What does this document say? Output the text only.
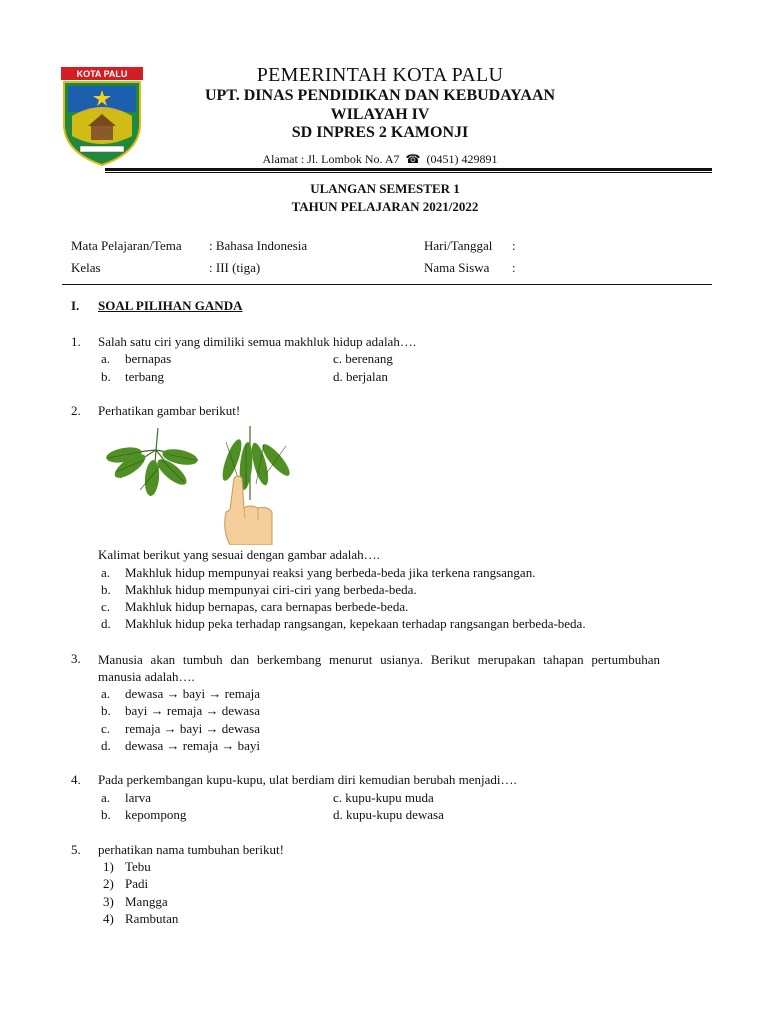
KOTA PALU	PEMERINTAH KOTA PALU
UPT. DINAS PENDIDIKAN DAN KEBUDAYAAN
WILAYAH IV
SD INPRES 2 KAMONJI
Alamat : Jl. Lombok No. A7  ☎  (0451) 429891
ULANGAN SEMESTER 1
TAHUN PELAJARAN 2021/2022
Mata Pelajaran/Tema : Bahasa Indonesia	Hari/Tanggal :
Kelas	: III (tiga)	Nama Siswa :
I. SOAL PILIHAN GANDA
1. Salah satu ciri yang dimiliki semua makhluk hidup adalah….
a. bernapas
b. terbang
c. berenang
d. berjalan
2. Perhatikan gambar berikut!
Kalimat berikut yang sesuai dengan gambar adalah….
a. Makhluk hidup mempunyai reaksi yang berbeda-beda jika terkena rangsangan.
b. Makhluk hidup mempunyai ciri-ciri yang berbeda-beda.
c. Makhluk hidup bernapas, cara bernapas berbede-beda.
d. Makhluk hidup peka terhadap rangsangan, kepekaan terhadap rangsangan berbeda-beda.
3. Manusia akan tumbuh dan berkembang menurut usianya. Berikut merupakan tahapan pertumbuhan manusia adalah….
a. dewasa → bayi → remaja
b. bayi → remaja → dewasa
c. remaja → bayi → dewasa
d. dewasa → remaja → bayi
4. Pada perkembangan kupu-kupu, ulat berdiam diri kemudian berubah menjadi….
a. larva
b. kepompong
c. kupu-kupu muda
d. kupu-kupu dewasa
5. perhatikan nama tumbuhan berikut!
1) Tebu
2) Padi
3) Mangga
4) Rambutan
